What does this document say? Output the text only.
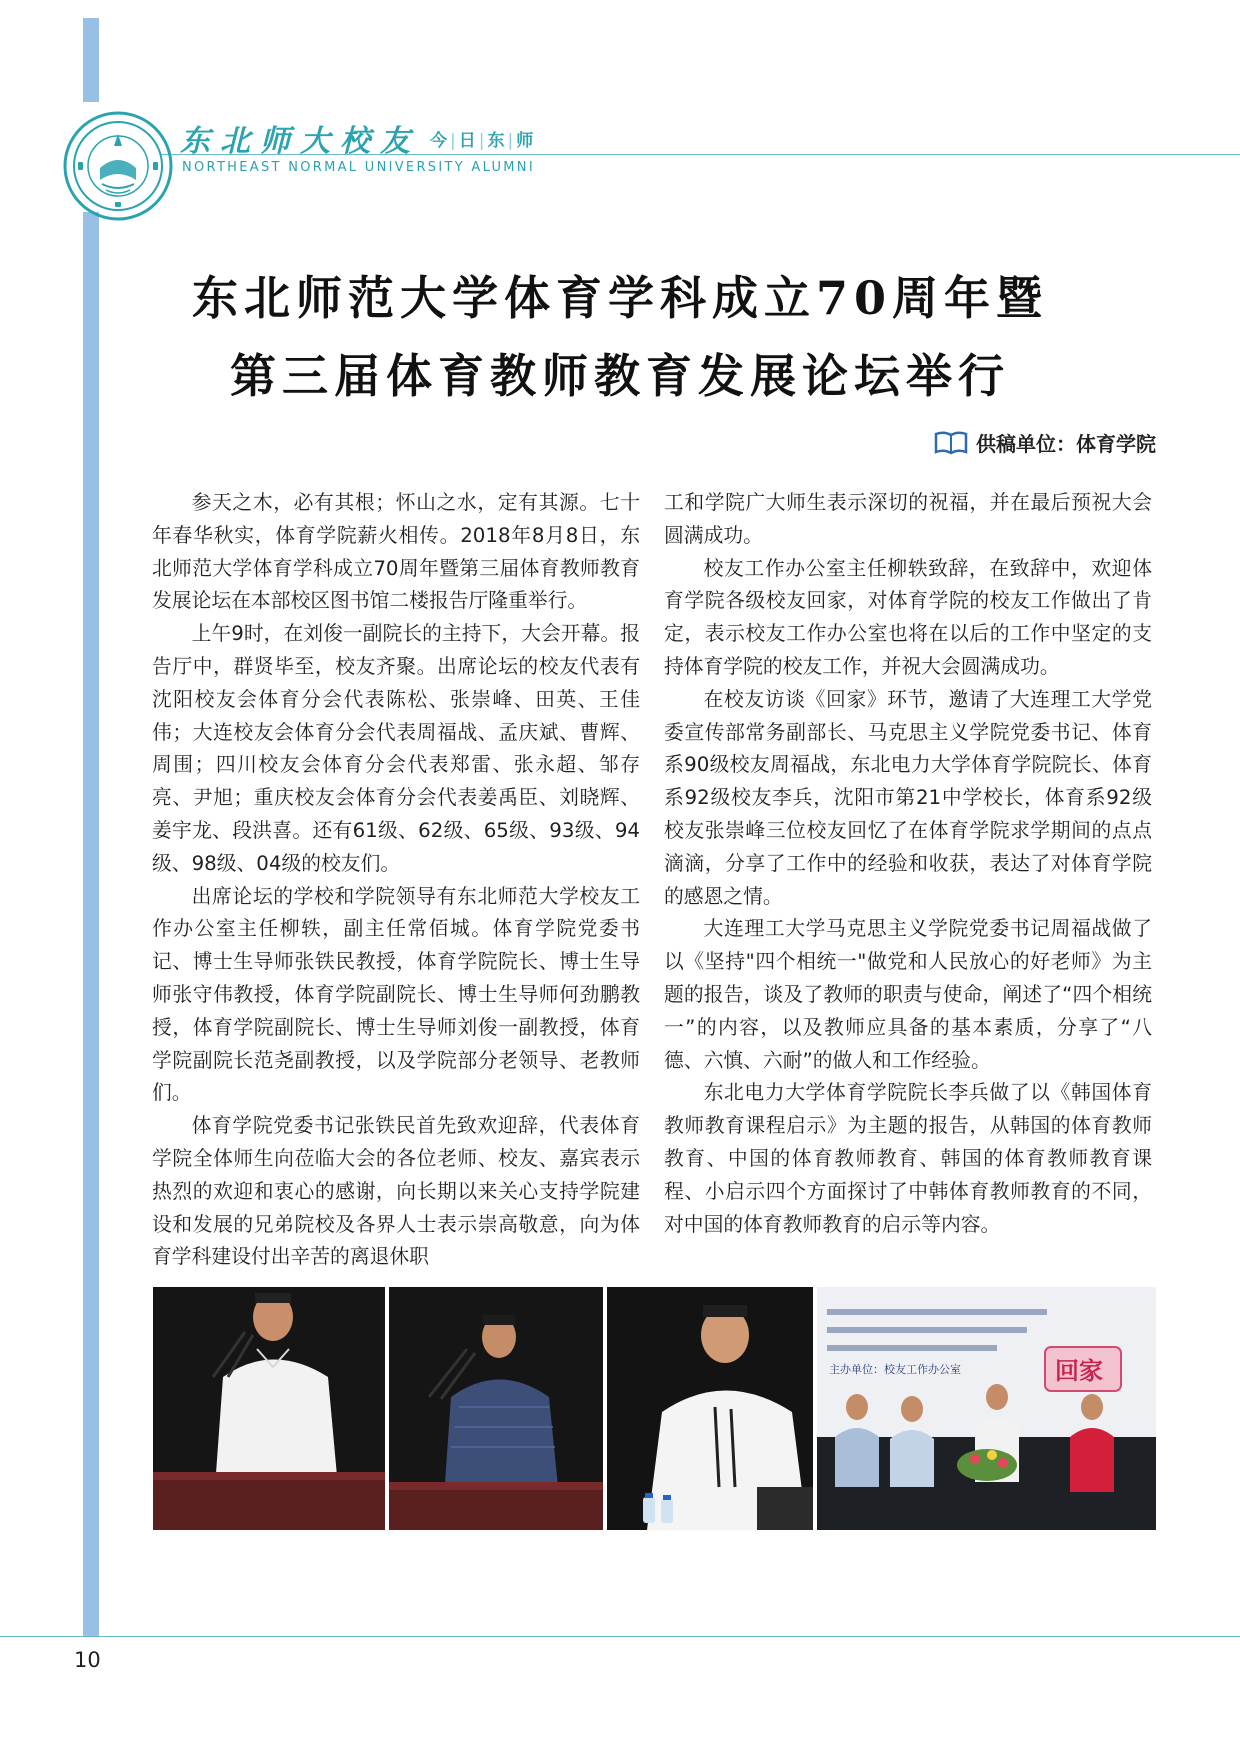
东北师大校友 今 | 日 | 东 | 师
NORTHEAST NORMAL UNIVERSITY ALUMNI
东北师范大学体育学科成立70周年暨
第三届体育教师教育发展论坛举行
供稿单位：体育学院

参天之木，必有其根；怀山之水，定有其源。七十年春华秋实，体育学院薪火相传。2018年8月8日，东北师范大学体育学科成立70周年暨第三届体育教师教育发展论坛在本部校区图书馆二楼报告厅隆重举行。

上午9时，在刘俊一副院长的主持下，大会开幕。报告厅中，群贤毕至，校友齐聚。出席论坛的校友代表有沈阳校友会体育分会代表陈松、张崇峰、田英、王佳伟；大连校友会体育分会代表周福战、孟庆斌、曹辉、周围；四川校友会体育分会代表郑雷、张永超、邹存亮、尹旭；重庆校友会体育分会代表姜禹臣、刘晓辉、姜宇龙、段洪喜。还有61级、62级、65级、93级、94级、98级、04级的校友们。

出席论坛的学校和学院领导有东北师范大学校友工作办公室主任柳轶，副主任常佰城。体育学院党委书记、博士生导师张铁民教授，体育学院院长、博士生导师张守伟教授，体育学院副院长、博士生导师何劲鹏教授，体育学院副院长、博士生导师刘俊一副教授，体育学院副院长范尧副教授，以及学院部分老领导、老教师们。

体育学院党委书记张铁民首先致欢迎辞，代表体育学院全体师生向莅临大会的各位老师、校友、嘉宾表示热烈的欢迎和衷心的感谢，向长期以来关心支持学院建设和发展的兄弟院校及各界人士表示崇高敬意，向为体育学科建设付出辛苦的离退休职

工和学院广大师生表示深切的祝福，并在最后预祝大会圆满成功。

校友工作办公室主任柳轶致辞，在致辞中，欢迎体育学院各级校友回家，对体育学院的校友工作做出了肯定，表示校友工作办公室也将在以后的工作中坚定的支持体育学院的校友工作，并祝大会圆满成功。

在校友访谈《回家》环节，邀请了大连理工大学党委宣传部常务副部长、马克思主义学院党委书记、体育系90级校友周福战，东北电力大学体育学院院长、体育系92级校友李兵，沈阳市第21中学校长，体育系92级校友张崇峰三位校友回忆了在体育学院求学期间的点点滴滴，分享了工作中的经验和收获，表达了对体育学院的感恩之情。

大连理工大学马克思主义学院党委书记周福战做了以《坚持"四个相统一"做党和人民放心的好老师》为主题的报告，谈及了教师的职责与使命，阐述了“四个相统一”的内容，以及教师应具备的基本素质，分享了“八德、六慎、六耐”的做人和工作经验。

东北电力大学体育学院院长李兵做了以《韩国体育教师教育课程启示》为主题的报告，从韩国的体育教师教育、中国的体育教师教育、韩国的体育教师教育课程、小启示四个方面探讨了中韩体育教师教育的不同，对中国的体育教师教育的启示等内容。

主办单位：校友工作办公室	回家
10
